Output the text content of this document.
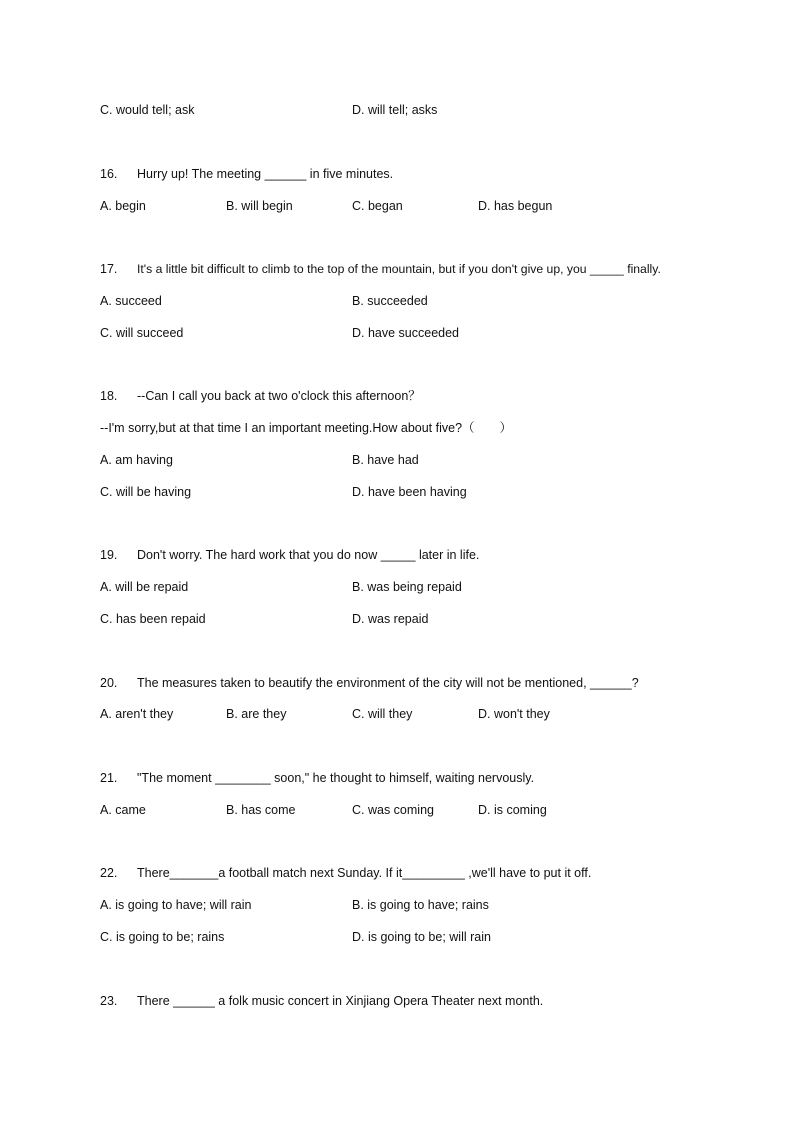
C. would tell; ask	D. will tell; asks
16. Hurry up! The meeting ______ in five minutes.
A. begin	B. will begin	C. began	D. has begun
17. It's a little bit difficult to climb to the top of the mountain, but if you don't give up, you _____ finally.
A. succeed	B. succeeded
C. will succeed	D. have succeeded
18. --Can I call you back at two o'clock this afternoon？
--I'm sorry,but at that time I an important meeting.How about five?（　　）
A. am having	B. have had
C. will be having	D. have been having
19. Don't worry. The hard work that you do now _____ later in life.
A. will be repaid	B. was being repaid
C. has been repaid	D. was repaid
20. The measures taken to beautify the environment of the city will not be mentioned, ______?
A. aren't they	B. are they	C. will they	D. won't they
21. "The moment ________ soon," he thought to himself, waiting nervously.
A. came	B. has come	C. was coming	D. is coming
22. There_______a football match next Sunday. If it_________ ,we'll have to put it off.
A. is going to have; will rain	B. is going to have; rains
C. is going to be; rains	D. is going to be; will rain
23. There ______ a folk music concert in Xinjiang Opera Theater next month.
